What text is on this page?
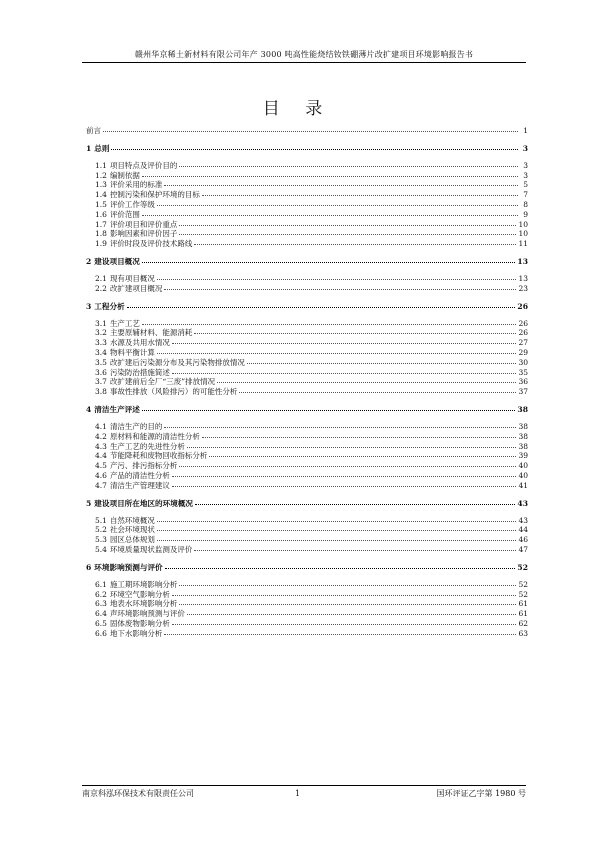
赣州华京稀土新材料有限公司年产 3000 吨高性能烧结钕铁硼薄片改扩建项目环境影响报告书
目 录
前言	1
1 总则	3
1.1 项目特点及评价目的	3
1.2 编制依据	3
1.3 评价采用的标准	5
1.4 控制污染和保护环境的目标	7
1.5 评价工作等级	8
1.6 评价范围	9
1.7 评价项目和评价重点	10
1.8 影响因素和评价因子	10
1.9 评价时段及评价技术路线	11
2 建设项目概况	13
2.1 现有项目概况	13
2.2 改扩建项目概况	23
3 工程分析	26
3.1 生产工艺	26
3.2 主要原辅材料、能源消耗	26
3.3 水源及共用水情况	27
3.4 物料平衡计算	29
3.5 改扩建后污染源分布及其污染物排放情况	30
3.6 污染防治措施简述	35
3.7 改扩建前后全厂“三废”排放情况	36
3.8 事故性排放（风险排污）的可能性分析	37
4 清洁生产评述	38
4.1 清洁生产的目的	38
4.2 原材料和能源的清洁性分析	38
4.3 生产工艺的先进性分析	38
4.4 节能降耗和废物回收指标分析	39
4.5 产污、排污指标分析	40
4.6 产品的清洁性分析	40
4.7 清洁生产管理建议	41
5 建设项目所在地区的环境概况	43
5.1 自然环境概况	43
5.2 社会环境现状	44
5.3 园区总体规划	46
5.4 环境质量现状监测及评价	47
6 环境影响预测与评价	52
6.1 施工期环境影响分析	52
6.2 环境空气影响分析	52
6.3 地表水环境影响分析	61
6.4 声环境影响预测与评价	61
6.5 固体废物影响分析	62
6.6 地下水影响分析	63
南京科泓环保技术有限责任公司	1	国环评证乙字第 1980 号
